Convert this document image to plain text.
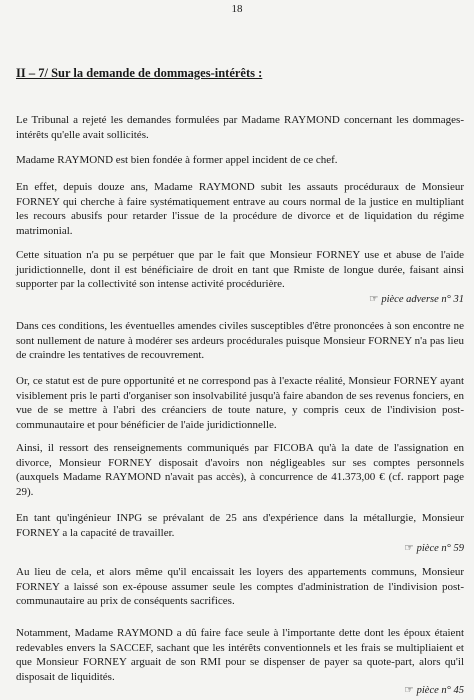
18
II – 7/ Sur la demande de dommages-intérêts :

Le Tribunal a rejeté les demandes formulées par Madame RAYMOND concernant les dommages-intérêts qu'elle avait sollicités.

Madame RAYMOND est bien fondée à former appel incident de ce chef.

En effet, depuis douze ans, Madame RAYMOND subit les assauts procéduraux de Monsieur FORNEY qui cherche à faire systématiquement entrave au cours normal de la justice en multipliant les recours abusifs pour retarder l'issue de la procédure de divorce et de liquidation du régime matrimonial.

Cette situation n'a pu se perpétuer que par le fait que Monsieur FORNEY use et abuse de l'aide juridictionnelle, dont il est bénéficiaire de droit en tant que Rmiste de longue durée, faisant ainsi supporter par la collectivité son intense activité procédurière.

☞ pièce adverse n° 31

Dans ces conditions, les éventuelles amendes civiles susceptibles d'être prononcées à son encontre ne sont nullement de nature à modérer ses ardeurs procédurales puisque Monsieur FORNEY n'a pas lieu de craindre les tentatives de recouvrement.

Or, ce statut est de pure opportunité et ne correspond pas à l'exacte réalité, Monsieur FORNEY ayant visiblement pris le parti d'organiser son insolvabilité jusqu'à faire abandon de ses revenus fonciers, en vue de se mettre à l'abri des créanciers de toute nature, y compris ceux de l'indivision post-communautaire et pour bénéficier de l'aide juridictionnelle.

Ainsi, il ressort des renseignements communiqués par FICOBA qu'à la date de l'assignation en divorce, Monsieur FORNEY disposait d'avoirs non négligeables sur ses comptes personnels (auxquels Madame RAYMOND n'avait pas accès), à concurrence de 41.373,00 € (cf. rapport page 29).

En tant qu'ingénieur INPG se prévalant de 25 ans d'expérience dans la métallurgie, Monsieur FORNEY a la capacité de travailler.

☞ pièce n° 59

Au lieu de cela, et alors même qu'il encaissait les loyers des appartements communs, Monsieur FORNEY a laissé son ex-épouse assumer seule les comptes d'administration de l'indivision post-communautaire au prix de conséquents sacrifices.

Notamment, Madame RAYMOND a dû faire face seule à l'importante dette dont les époux étaient redevables envers la SACCEF, sachant que les intérêts conventionnels et les frais se multipliaient et que Monsieur FORNEY arguait de son RMI pour se dispenser de payer sa quote-part, alors qu'il disposait de liquidités.

☞ pièce n° 45
